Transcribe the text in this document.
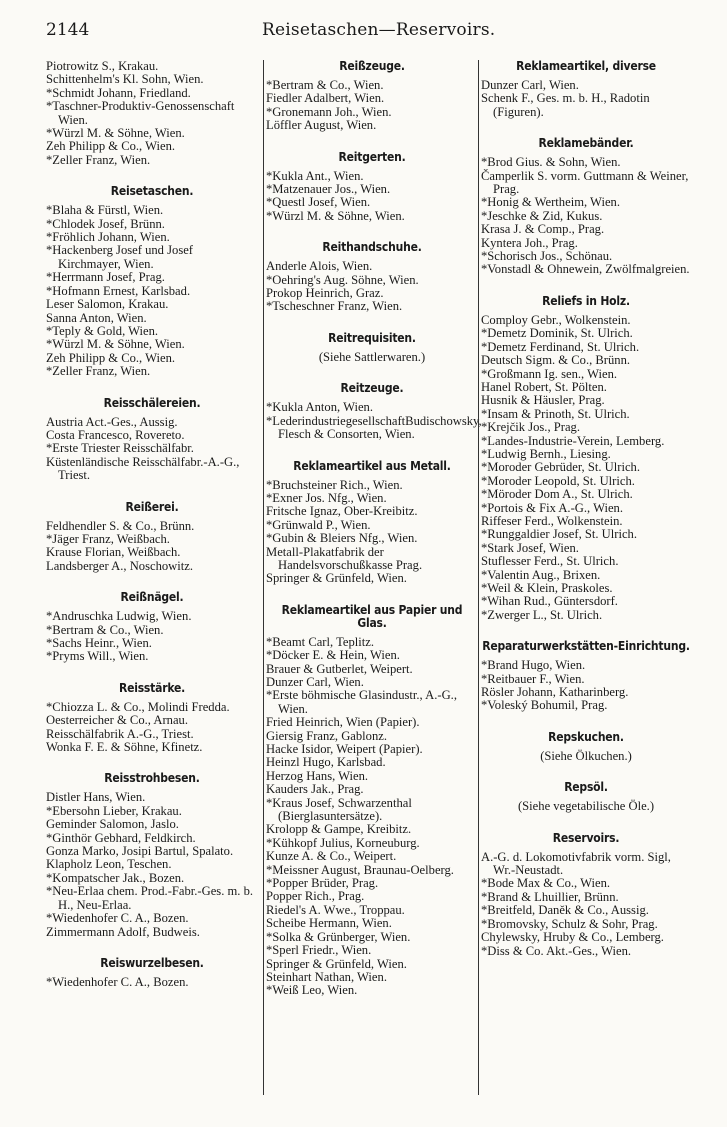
2144	Reisetaschen—Reservoirs.
Piotrowitz S., Krakau.
Schittenhelm's Kl. Sohn, Wien.
*Schmidt Johann, Friedland.
*Taschner-Produktiv-Genossenschaft Wien.
*Würzl M. & Söhne, Wien.
Zeh Philipp & Co., Wien.
*Zeller Franz, Wien.
Reisetaschen.
*Blaha & Fürstl, Wien.
*Chlodek Josef, Brünn.
*Fröhlich Johann, Wien.
*Hackenberg Josef und Josef Kirchmayer, Wien.
*Herrmann Josef, Prag.
*Hofmann Ernest, Karlsbad.
Leser Salomon, Krakau.
Sanna Anton, Wien.
*Teply & Gold, Wien.
*Würzl M. & Söhne, Wien.
Zeh Philipp & Co., Wien.
*Zeller Franz, Wien.
Reisschälereien.
Austria Act.-Ges., Aussig.
Costa Francesco, Rovereto.
*Erste Triester Reisschälfabr.
Küstenländische Reisschälfabr.-A.-G., Triest.
Reißerei.
Feldhendler S. & Co., Brünn.
*Jäger Franz, Weißbach.
Krause Florian, Weißbach.
Landsberger A., Noschowitz.
Reißnägel.
*Andruschka Ludwig, Wien.
*Bertram & Co., Wien.
*Sachs Heinr., Wien.
*Pryms Will., Wien.
Reisstärke.
*Chiozza L. & Co., Molindi Fredda.
Oesterreicher & Co., Arnau.
Reisschälfabrik A.-G., Triest.
Wonka F. E. & Söhne, Kfinetz.
Reisstrohbesen.
Distler Hans, Wien.
*Ebersohn Lieber, Krakau.
Geminder Salomon, Jaslo.
*Ginthör Gebhard, Feldkirch.
Gonza Marko, Josipi Bartul, Spalato.
Klapholz Leon, Teschen.
*Kompatscher Jak., Bozen.
*Neu-Erlaa chem. Prod.-Fabr.-Ges. m. b. H., Neu-Erlaa.
*Wiedenhofer C. A., Bozen.
Zimmermann Adolf, Budweis.
Reiswurzelbesen.
*Wiedenhofer C. A., Bozen.
Reißzeuge.
*Bertram & Co., Wien.
Fiedler Adalbert, Wien.
*Gronemann Joh., Wien.
Löffler August, Wien.
Reitgerten.
*Kukla Ant., Wien.
*Matzenauer Jos., Wien.
*Questl Josef, Wien.
*Würzl M. & Söhne, Wien.
Reithandschuhe.
Anderle Alois, Wien.
*Oehring's Aug. Söhne, Wien.
Prokop Heinrich, Graz.
*Tscheschner Franz, Wien.
Reitrequisiten.
(Siehe Sattlerwaren.)
Reitzeuge.
*Kukla Anton, Wien.
*LederindustriegesellschaftBudischowsky, Flesch & Consorten, Wien.
Reklameartikel aus Metall.
*Bruchsteiner Rich., Wien.
*Exner Jos. Nfg., Wien.
Fritsche Ignaz, Ober-Kreibitz.
*Grünwald P., Wien.
*Gubin & Bleiers Nfg., Wien.
Metall-Plakatfabrik der Handelsvorschußkasse Prag.
Springer & Grünfeld, Wien.
Reklameartikel aus Papier und Glas.
*Beamt Carl, Teplitz.
*Döcker E. & Hein, Wien.
Brauer & Gutberlet, Weipert.
Dunzer Carl, Wien.
*Erste böhmische Glasindustr., A.-G., Wien.
Fried Heinrich, Wien (Papier).
Giersig Franz, Gablonz.
Hacke Isidor, Weipert (Papier).
Heinzl Hugo, Karlsbad.
Herzog Hans, Wien.
Kauders Jak., Prag.
*Kraus Josef, Schwarzenthal (Bierglasuntersätze).
Krolopp & Gampe, Kreibitz.
*Kühkopf Julius, Korneuburg.
Kunze A. & Co., Weipert.
*Meissner August, Braunau-Oelberg.
*Popper Brüder, Prag.
Popper Rich., Prag.
Riedel's A. Wwe., Troppau.
Scheibe Hermann, Wien.
*Solka & Grünberger, Wien.
*Sperl Friedr., Wien.
Springer & Grünfeld, Wien.
Steinhart Nathan, Wien.
*Weiß Leo, Wien.
Reklameartikel, diverse
Dunzer Carl, Wien.
Schenk F., Ges. m. b. H., Radotin (Figuren).
Reklamebänder.
*Brod Gius. & Sohn, Wien.
Čamperlik S. vorm. Guttmann & Weiner, Prag.
*Honig & Wertheim, Wien.
*Jeschke & Zid, Kukus.
Krasa J. & Comp., Prag.
Kyntera Joh., Prag.
*Schorisch Jos., Schönau.
*Vonstadl & Ohnewein, Zwölfmalgreien.
Reliefs in Holz.
Comploy Gebr., Wolkenstein.
*Demetz Dominik, St. Ulrich.
*Demetz Ferdinand, St. Ulrich.
Deutsch Sigm. & Co., Brünn.
*Großmann Ig. sen., Wien.
Hanel Robert, St. Pölten.
Husnik & Häusler, Prag.
*Insam & Prinoth, St. Ulrich.
*Krejčik Jos., Prag.
*Landes-Industrie-Verein, Lemberg.
*Ludwig Bernh., Liesing.
*Moroder Gebrüder, St. Ulrich.
*Moroder Leopold, St. Ulrich.
*Möroder Dom A., St. Ulrich.
*Portois & Fix A.-G., Wien.
Riffeser Ferd., Wolkenstein.
*Runggaldier Josef, St. Ulrich.
*Stark Josef, Wien.
Stuflesser Ferd., St. Ulrich.
*Valentin Aug., Brixen.
*Weil & Klein, Praskoles.
*Wihan Rud., Güntersdorf.
*Zwerger L., St. Ulrich.
Reparaturwerkstätten-Einrichtung.
*Brand Hugo, Wien.
*Reitbauer F., Wien.
Rösler Johann, Katharinberg.
*Voleský Bohumil, Prag.
Repskuchen.
(Siehe Ölkuchen.)
Repsöl.
(Siehe vegetabilische Öle.)
Reservoirs.
A.-G. d. Lokomotivfabrik vorm. Sigl, Wr.-Neustadt.
*Bode Max & Co., Wien.
*Brand & Lhuillier, Brünn.
*Breitfeld, Daněk & Co., Aussig.
*Bromovsky, Schulz & Sohr, Prag.
Chylewsky, Hruby & Co., Lemberg.
*Diss & Co. Akt.-Ges., Wien.
